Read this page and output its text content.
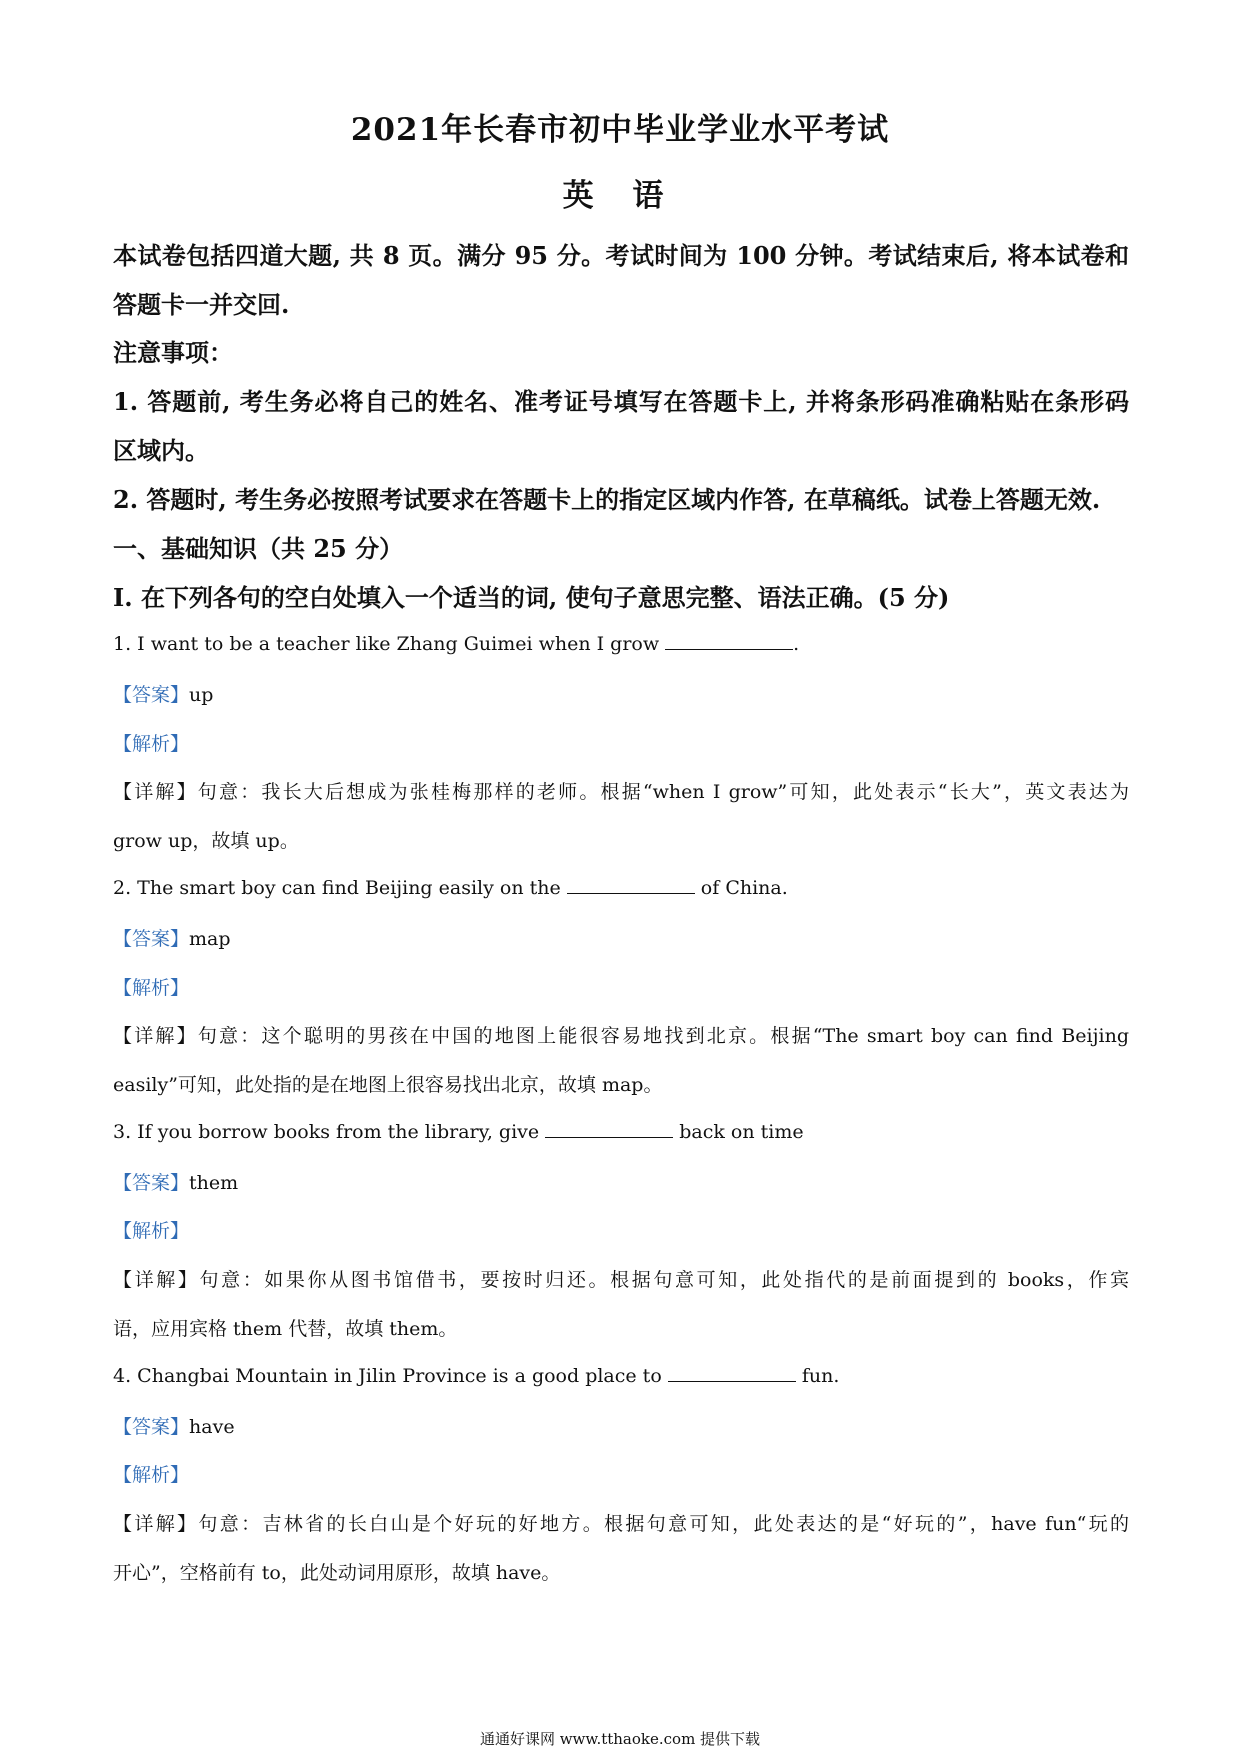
2021年长春市初中毕业学业水平考试
英 语
本试卷包括四道大题, 共 8 页。满分 95 分。考试时间为 100 分钟。考试结束后, 将本试卷和
答题卡一并交回.
注意事项：
1. 答题前, 考生务必将自己的姓名、准考证号填写在答题卡上, 并将条形码准确粘贴在条形码
区域内。
2. 答题时, 考生务必按照考试要求在答题卡上的指定区域内作答, 在草稿纸。试卷上答题无效.
一、基础知识（共 25 分）
I. 在下列各句的空白处填入一个适当的词, 使句子意思完整、语法正确。(5 分)
1. I want to be a teacher like Zhang Guimei when I grow	.
【答案】up
【解析】
【详解】句意：我长大后想成为张桂梅那样的老师。根据“when I grow”可知，此处表示“长大”，英文表达为
grow up，故填 up。
2. The smart boy can find Beijing easily on the	of China.
【答案】map
【解析】
【详解】句意：这个聪明的男孩在中国的地图上能很容易地找到北京。根据“The smart boy can find Beijing
easily”可知，此处指的是在地图上很容易找出北京，故填 map。
3. If you borrow books from the library, give	back on time
【答案】them
【解析】
【详解】句意：如果你从图书馆借书，要按时归还。根据句意可知，此处指代的是前面提到的 books，作宾
语，应用宾格 them 代替，故填 them。
4. Changbai Mountain in Jilin Province is a good place to	fun.
【答案】have
【解析】
【详解】句意：吉林省的长白山是个好玩的好地方。根据句意可知，此处表达的是“好玩的”，have fun“玩的
开心”，空格前有 to，此处动词用原形，故填 have。
通通好课网 www.tthaoke.com 提供下载
